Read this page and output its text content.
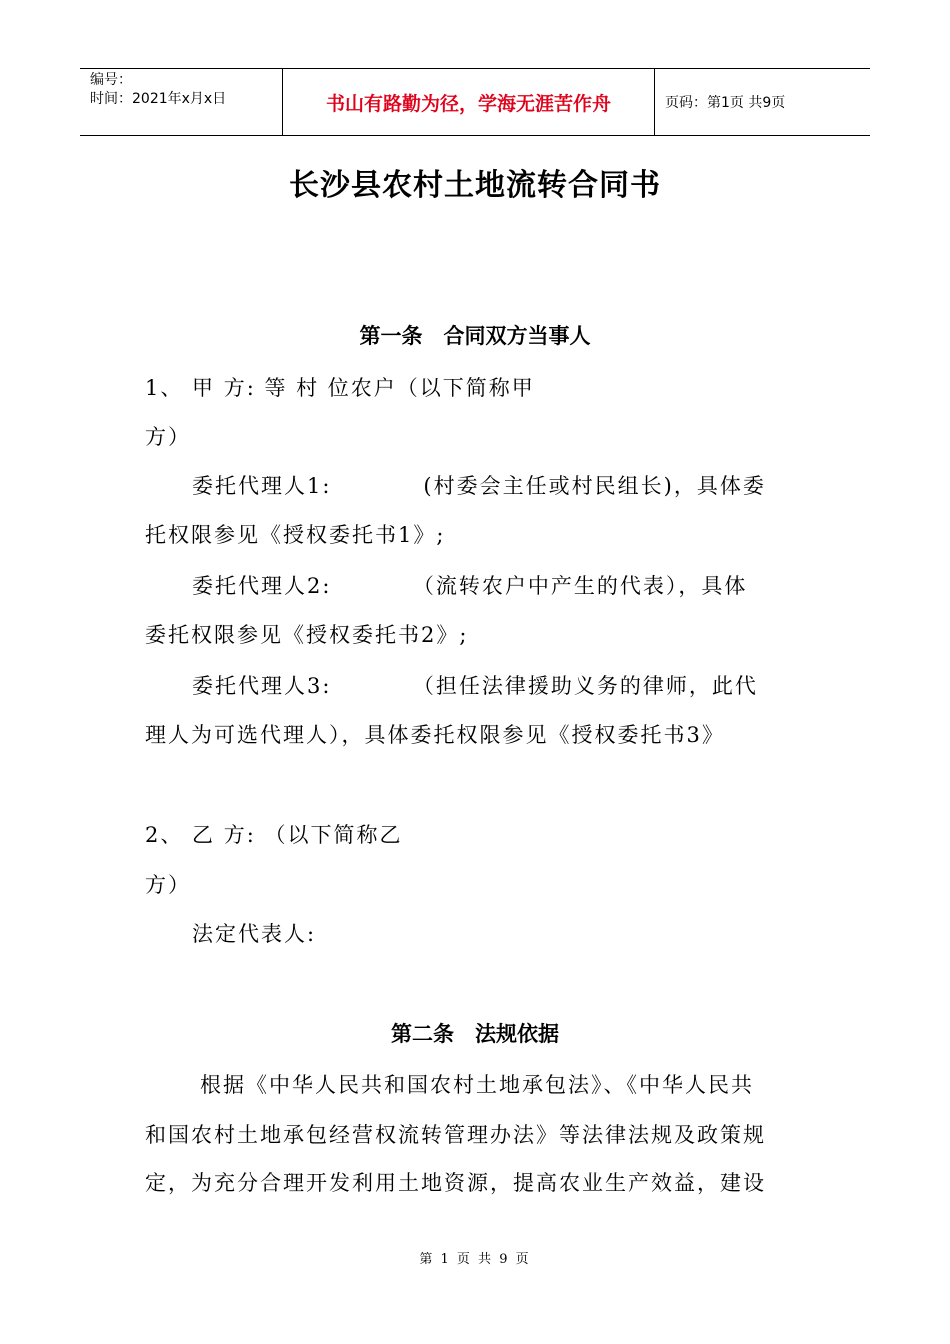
编号：
时间：2021年x月x日	书山有路勤为径，学海无涯苦作舟	页码：第1页 共9页
长沙县农村土地流转合同书
第一条　合同双方当事人
1、 甲 方: 等 村 位农户（以下简称甲
方）
委托代理人1:　　　　(村委会主任或村民组长)，具体委
托权限参见《授权委托书1》;
委托代理人2:　　　　（流转农户中产生的代表），具体
委托权限参见《授权委托书2》;
委托代理人3:　　　　（担任法律援助义务的律师，此代
理人为可选代理人），具体委托权限参见《授权委托书3》
2、 乙 方: （以下简称乙
方）
法定代表人:
第二条　法规依据
根据《中华人民共和国农村土地承包法》、《中华人民共
和国农村土地承包经营权流转管理办法》等法律法规及政策规
定，为充分合理开发利用土地资源，提高农业生产效益，建设
第 1 页 共 9 页
